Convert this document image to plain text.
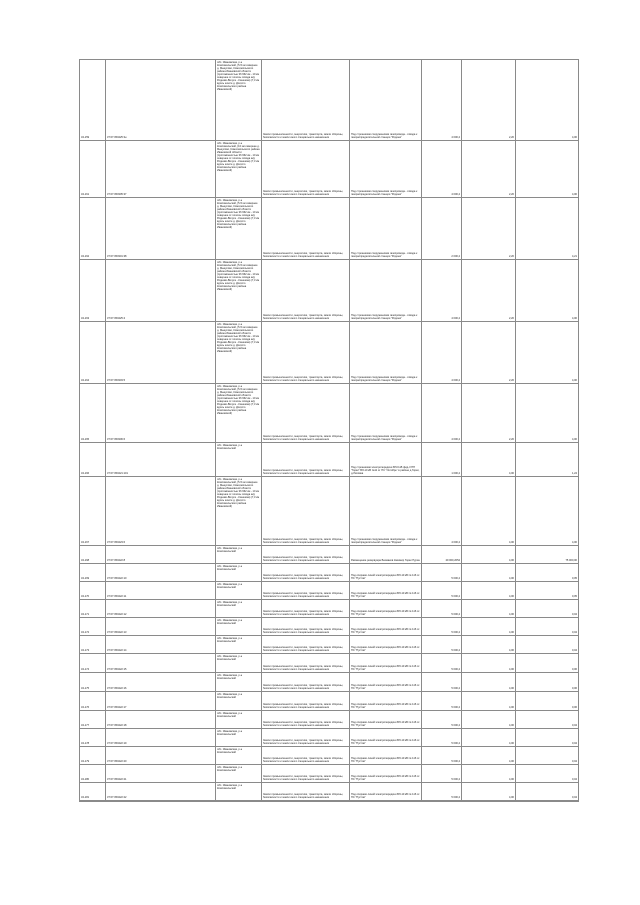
34-159	37:07:050425:3н
обл. Ивановская, р-н Комсомольский, (5-5 км севернее д. Мыкусово, Комсомольского района Ивановской области (протяжённостью 36 962 км - 10 км севернее от полосы отвода ж/д Родники-Вичуга - Кинешма) (7,3 км вдоль шоссе д. Долгого Комсомольского района Ивановской)
Земли промышленности, энергетики, транспорта, земли обороны, безопасности и земли иного специального назначения
Под строениями сооружениями газопровода - отвода к газораспределительной станции "Родина"	4 000,4	2,20	4,00
34-161	37:07:050305:37
обл. Ивановская, р-н Комсомольский, (10 км севернее д. Мыкусово, Комсомольского района Ивановской области (протяжённостью 36 962 км - 10 км севернее от полосы отвода ж/д Родники-Вичуга - Кинешма) (7,3 км вдоль шоссе д. Долгого Комсомольского района Ивановской)
Земли промышленности, энергетики, транспорта, земли обороны, безопасности и земли иного специального назначения
Под строениями сооружениями газопровода - отвода к газораспределительной станции "Родина"	4 000,4	2,20	4,00
34-162	37:07:050301:38
обл. Ивановская, р-н Комсомольский, (5-5 км севернее д. Мыкусово, Комсомольского района Ивановской области (протяжённостью 36 962 км - 10 км севернее от полосы отвода ж/д Родники-Вичуга - Кинешма) (7,3 км вдоль шоссе д. Долгого Комсомольского района Ивановской)
Земли промышленности, энергетики, транспорта, земли обороны, безопасности и земли иного специального назначения
Под строениями сооружениями газопровода - отвода к газораспределительной станции "Родина"	2 000,4	2,20	4,21
34-163	37:07:050425:4
обл. Ивановская, р-н Комсомольский, (5-5 км севернее д. Мыкусово, Комсомольского района Ивановской области (протяжённостью 36 962 км - 10 км севернее от полосы отвода ж/д Родники-Вичуга - Кинешма) (7,3 км вдоль шоссе д. Долгого Комсомольского района Ивановской)
Земли промышленности, энергетики, транспорта, земли обороны, безопасности и земли иного специального назначения
Под строениями сооружениями газопровода - отвода к газораспределительной станции "Родина"	4 000,4	2,20	4,00
34-164	37:07:050303:5
обл. Ивановская, р-н Комсомольский, (5-5 км севернее д. Мыкусово, Комсомольского района Ивановской области (протяжённостью 36 962 км - 10 км севернее от полосы отвода ж/д Родники-Вичуга - Кинешма) (7,3 км вдоль шоссе д. Долгого Комсомольского района Ивановской)
Земли промышленности, энергетики, транспорта, земли обороны, безопасности и земли иного специального назначения
Под строениями сооружениями газопровода - отвода к газораспределительной станции "Родина"	4 000,4	2,20	4,00
34-165	37:07:050306:6
обл. Ивановская, р-н Комсомольский, (5-5 км севернее д. Мыкусово, Комсомольского района Ивановской области (протяжённостью 36 962 км - 10 км севернее от полосы отвода ж/д Родники-Вичуга - Кинешма) (7,3 км вдоль шоссе д. Долгого Комсомольского района Ивановской)
Земли промышленности, энергетики, транспорта, земли обороны, безопасности и земли иного специального назначения
Под строениями сооружениями газопровода - отвода к газораспределительной станции "Родина"	4 000,4	2,20	4,00
34-166	37:07:050421:101
обл. Ивановская, р-н Комсомольский
Земли промышленности, энергетики, транспорта, земли обороны, безопасности и земли иного специального назначения
Под строениями электропередачи ВЛ-6 кВ фид-3 ПП "Горки" ВЛ-10 кВ №11 от ПС "Октябрь" в районе д.Горки, д.Липовка	1 000,4	4,00	1,24
34-167	37:07:050423:6
обл. Ивановская, р-н Комсомольский, (5-5 км севернее д. Мыкусово, Комсомольского района Ивановской области (протяжённостью 36 962 км - 10 км севернее от полосы отвода ж/д Родники-Вичуга - Кинешма) (7,3 км вдоль шоссе д. Долгого Комсомольского района Ивановской)
Земли промышленности, энергетики, транспорта, земли обороны, безопасности и земли иного специального назначения
Под строениями сооружениями газопровода - отвода к газораспределительной станции "Родина"	4 000,4	4,00	4,00
34-168	37:07:050422:8
обл. Ивановская, р-н Комсомольский
Земли промышленности, энергетики, транспорта, земли обороны, безопасности и земли иного специального назначения	Размещение резервуара Бахмаков Казимир Горки Пурин	29 000,2054	4,00	75 000,00
34-169	37:07:050422:10
обл. Ивановская, р-н Комсомольский
Земли промышленности, энергетики, транспорта, земли обороны, безопасности и земли иного специального назначения
Под опорами линий электропередачи ВЛ-10 кВ № 116 от ПС "Пустов"	5 000,4	4,00	0,05
34-170	37:07:050422:11
обл. Ивановская, р-н Комсомольский
Земли промышленности, энергетики, транспорта, земли обороны, безопасности и земли иного специального назначения
Под опорами линий электропередачи ВЛ-10 кВ № 116 от ПС "Пустов"	5 000,4	4,00	0,05
34-171	37:07:050422:12
обл. Ивановская, р-н Комсомольский
Земли промышленности, энергетики, транспорта, земли обороны, безопасности и земли иного специального назначения
Под опорами линий электропередачи ВЛ-10 кВ № 116 от ПС "Пустов"	5 000,4	4,00	0,04
34-172	37:07:050422:13
обл. Ивановская, р-н Комсомольский
Земли промышленности, энергетики, транспорта, земли обороны, безопасности и земли иного специального назначения
Под опорами линий электропередачи ВЛ-10 кВ № 116 от ПС "Пустов"	5 000,4	4,00	0,04
34-173	37:07:050422:14
обл. Ивановская, р-н Комсомольский
Земли промышленности, энергетики, транспорта, земли обороны, безопасности и земли иного специального назначения
Под опорами линий электропередачи ВЛ-10 кВ № 116 от ПС "Пустов"	5 000,4	4,00	0,04
34-174	37:07:050422:15
обл. Ивановская, р-н Комсомольский
Земли промышленности, энергетики, транспорта, земли обороны, безопасности и земли иного специального назначения
Под опорами линий электропередачи ВЛ-10 кВ № 116 от ПС "Пустов"	5 000,4	4,00	0,06
34-175	37:07:050422:16
обл. Ивановская, р-н Комсомольский
Земли промышленности, энергетики, транспорта, земли обороны, безопасности и земли иного специального назначения
Под опорами линий электропередачи ВЛ-10 кВ № 116 от ПС "Пустов"	5 000,4	4,00	0,06
34-176	37:07:050422:17
обл. Ивановская, р-н Комсомольский
Земли промышленности, энергетики, транспорта, земли обороны, безопасности и земли иного специального назначения
Под опорами линий электропередачи ВЛ-10 кВ № 116 от ПС "Пустов"	5 000,4	4,00	0,06
34-177	37:07:050422:18
обл. Ивановская, р-н Комсомольский
Земли промышленности, энергетики, транспорта, земли обороны, безопасности и земли иного специального назначения
Под опорами линий электропередачи ВЛ-10 кВ № 116 от ПС "Пустов"	5 000,4	4,00	0,04
34-178	37:07:050422:19
обл. Ивановская, р-н Комсомольский
Земли промышленности, энергетики, транспорта, земли обороны, безопасности и земли иного специального назначения
Под опорами линий электропередачи ВЛ-10 кВ № 116 от ПС "Пустов"	5 000,4	4,00	0,04
34-179	37:07:050422:20
обл. Ивановская, р-н Комсомольский
Земли промышленности, энергетики, транспорта, земли обороны, безопасности и земли иного специального назначения
Под опорами линий электропередачи ВЛ-10 кВ № 116 от ПС "Пустов"	5 000,4	4,00	0,04
34-180	37:07:050422:21
обл. Ивановская, р-н Комсомольский
Земли промышленности, энергетики, транспорта, земли обороны, безопасности и земли иного специального назначения
Под опорами линий электропередачи ВЛ-10 кВ № 116 от ПС "Пустов"	5 000,4	4,00	0,04
34-181	37:07:050422:22
обл. Ивановская, р-н Комсомольский
Земли промышленности, энергетики, транспорта, земли обороны, безопасности и земли иного специального назначения
Под опорами линий электропередачи ВЛ-10 кВ № 116 от ПС "Пустов"	5 000,4	4,00	0,04
